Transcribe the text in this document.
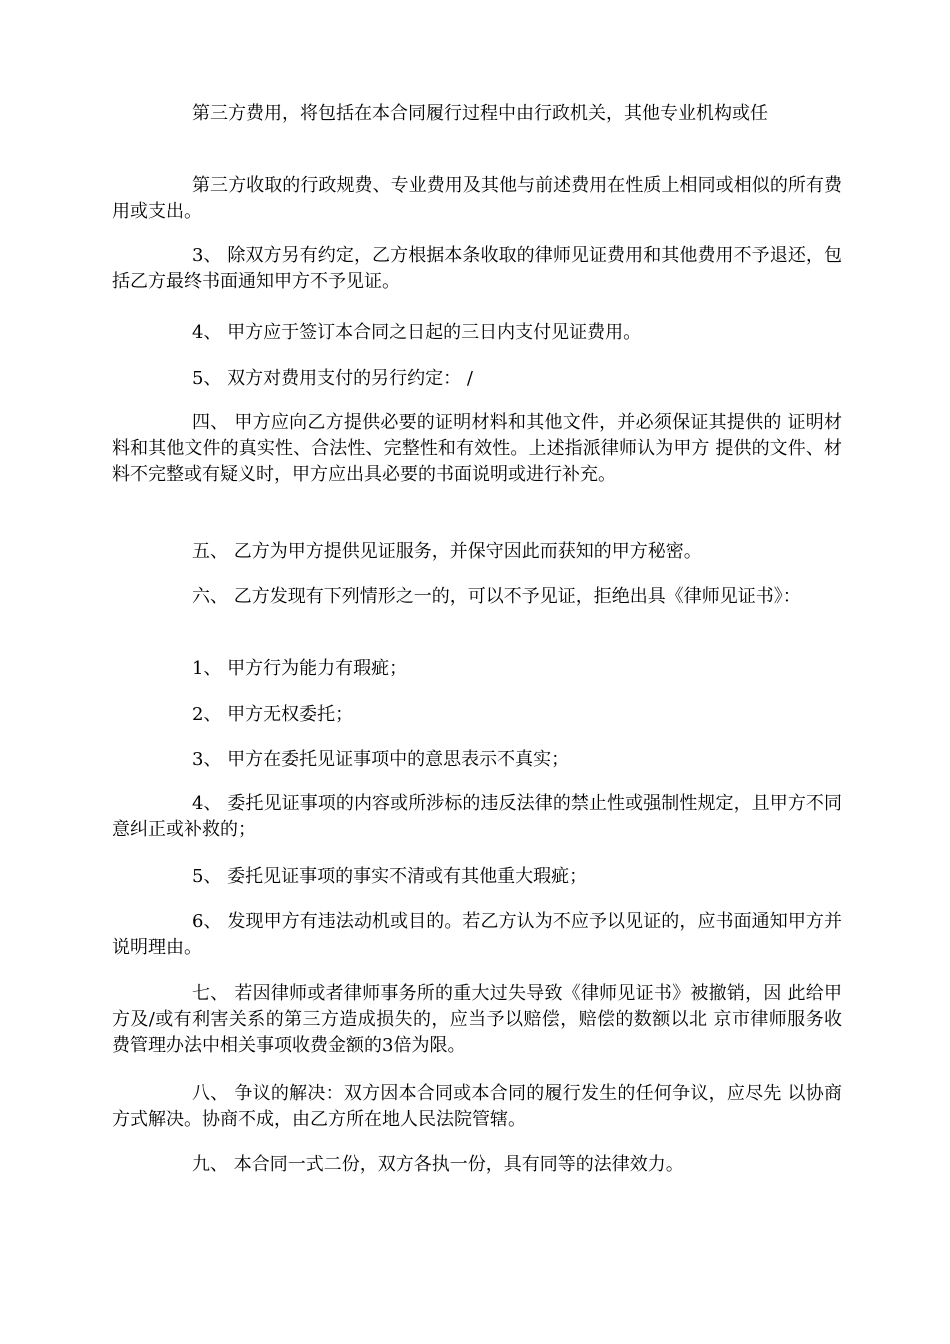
第三方费用，将包括在本合同履行过程中由行政机关，其他专业机构或任

第三方收取的行政规费、专业费用及其他与前述费用在性质上相同或相似的所有费用或支出。

3、 除双方另有约定，乙方根据本条收取的律师见证费用和其他费用不予退还，包括乙方最终书面通知甲方不予见证。

4、 甲方应于签订本合同之日起的三日内支付见证费用。

5、 双方对费用支付的另行约定： /

四、 甲方应向乙方提供必要的证明材料和其他文件，并必须保证其提供的 证明材料和其他文件的真实性、合法性、完整性和有效性。上述指派律师认为甲方 提供的文件、材料不完整或有疑义时，甲方应出具必要的书面说明或进行补充。

五、 乙方为甲方提供见证服务，并保守因此而获知的甲方秘密。

六、 乙方发现有下列情形之一的，可以不予见证，拒绝出具《律师见证书》：

1、 甲方行为能力有瑕疵；

2、 甲方无权委托；

3、 甲方在委托见证事项中的意思表示不真实；

4、 委托见证事项的内容或所涉标的违反法律的禁止性或强制性规定，且甲方不同意纠正或补救的；

5、 委托见证事项的事实不清或有其他重大瑕疵；

6、 发现甲方有违法动机或目的。若乙方认为不应予以见证的，应书面通知甲方并说明理由。

七、 若因律师或者律师事务所的重大过失导致《律师见证书》被撤销，因 此给甲方及/或有利害关系的第三方造成损失的，应当予以赔偿，赔偿的数额以北 京市律师服务收费管理办法中相关事项收费金额的3倍为限。

八、 争议的解决：双方因本合同或本合同的履行发生的任何争议，应尽先 以协商方式解决。协商不成，由乙方所在地人民法院管辖。

九、 本合同一式二份，双方各执一份，具有同等的法律效力。
